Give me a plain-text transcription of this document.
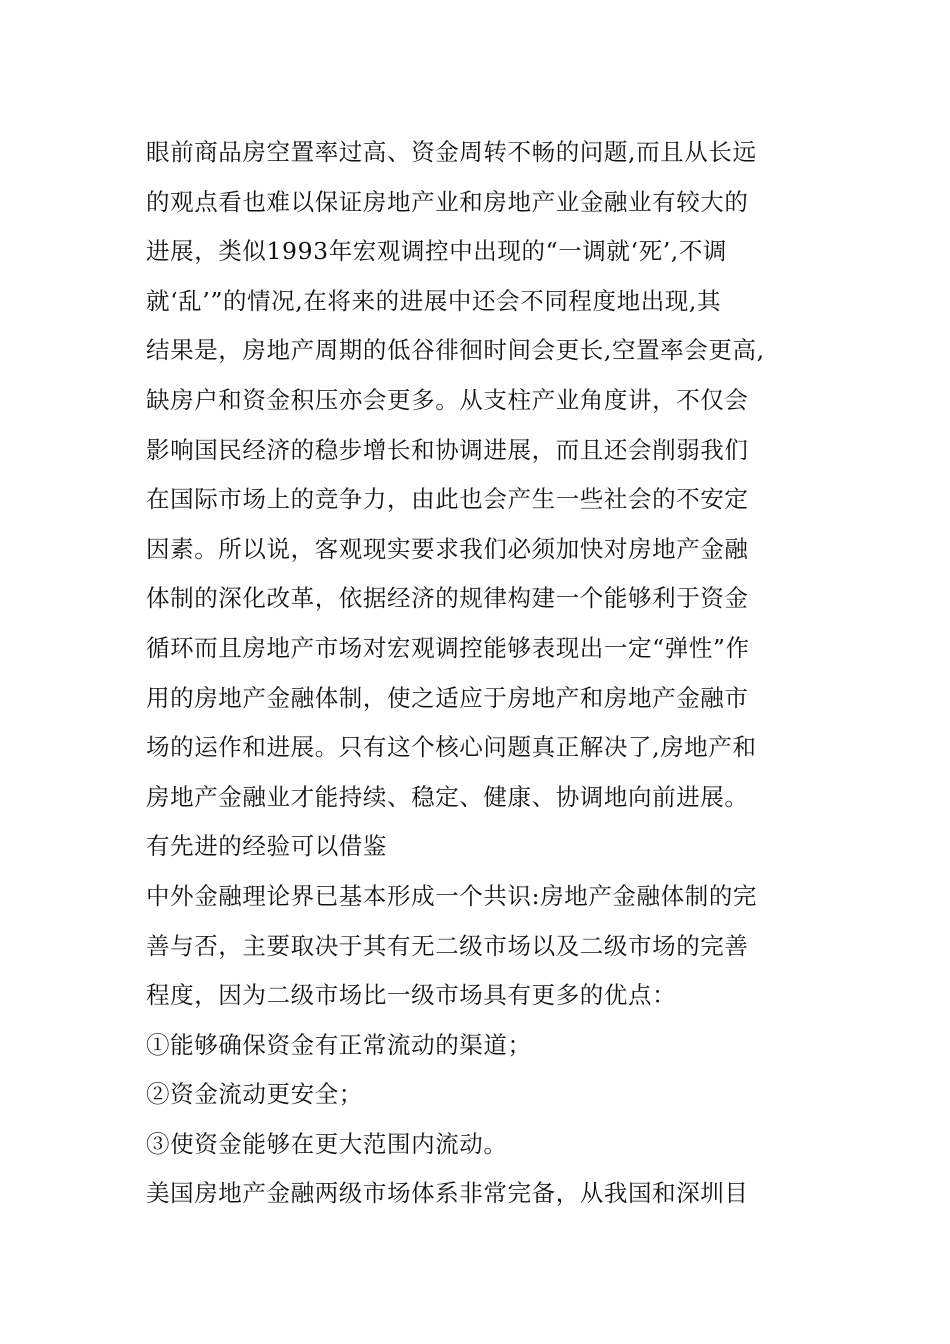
眼前商品房空置率过高、资金周转不畅的问题,而且从长远
的观点看也难以保证房地产业和房地产业金融业有较大的
进展，类似1993年宏观调控中出现的“一调就‘死’,不调
就‘乱’”的情况,在将来的进展中还会不同程度地出现,其
结果是，房地产周期的低谷徘徊时间会更长,空置率会更高,
缺房户和资金积压亦会更多。从支柱产业角度讲，不仅会
影响国民经济的稳步增长和协调进展，而且还会削弱我们
在国际市场上的竞争力，由此也会产生一些社会的不安定
因素。所以说，客观现实要求我们必须加快对房地产金融
体制的深化改革，依据经济的规律构建一个能够利于资金
循环而且房地产市场对宏观调控能够表现出一定“弹性”作
用的房地产金融体制，使之适应于房地产和房地产金融市
场的运作和进展。只有这个核心问题真正解决了,房地产和
房地产金融业才能持续、稳定、健康、协调地向前进展。
有先进的经验可以借鉴
中外金融理论界已基本形成一个共识:房地产金融体制的完
善与否，主要取决于其有无二级市场以及二级市场的完善
程度，因为二级市场比一级市场具有更多的优点：
①能够确保资金有正常流动的渠道；
②资金流动更安全；
③使资金能够在更大范围内流动。
美国房地产金融两级市场体系非常完备，从我国和深圳目
